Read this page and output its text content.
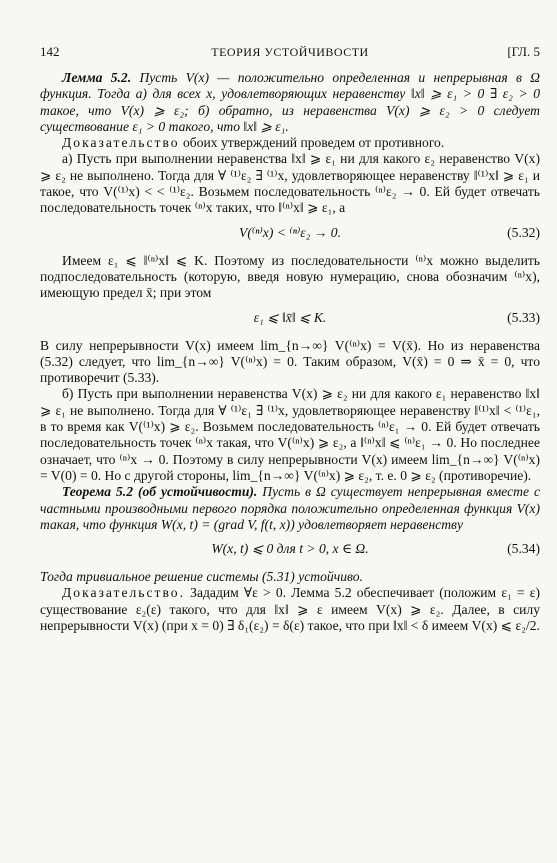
142	ТЕОРИЯ УСТОЙЧИВОСТИ	[ГЛ. 5

Лемма 5.2. Пусть V(x) — положительно определенная и непрерывная в Ω функция. Тогда а) для всех x, удовлетворяющих неравенству ‖x‖ ⩾ ε₁ > 0 ∃ ε₂ > 0 такое, что V(x) ⩾ ε₂; б) обратно, из неравенства V(x) ⩾ ε₂ > 0 следует существование ε₁ > 0 такого, что ‖x‖ ⩾ ε₁.

Доказательство обоих утверждений проведем от противного.

а) Пусть при выполнении неравенства ‖x‖ ⩾ ε₁ ни для какого ε₂ неравенство V(x) ⩾ ε₂ не выполнено. Тогда для ∀ ⁽¹⁾ε₂ ∃ ⁽¹⁾x, удовлетворяющее неравенству ‖⁽¹⁾x‖ ⩾ ε₁ и такое, что V(⁽¹⁾x) < < ⁽¹⁾ε₂. Возьмем последовательность ⁽ⁿ⁾ε₂ → 0. Ей будет отвечать последовательность точек ⁽ⁿ⁾x таких, что ‖⁽ⁿ⁾x‖ ⩾ ε₁, а

V(⁽ⁿ⁾x) < ⁽ⁿ⁾ε₂ → 0.	(5.32)

Имеем ε₁ ⩽ ‖⁽ⁿ⁾x‖ ⩽ K. Поэтому из последовательности ⁽ⁿ⁾x можно выделить подпоследовательность (которую, введя новую нумерацию, снова обозначим ⁽ⁿ⁾x), имеющую предел x̄; при этом

ε₁ ⩽ ‖x̄‖ ⩽ K.	(5.33)

В силу непрерывности V(x) имеем lim_{n→∞} V(⁽ⁿ⁾x) = V(x̄). Но из неравенства (5.32) следует, что lim_{n→∞} V(⁽ⁿ⁾x) = 0. Таким образом, V(x̄) = 0 ⇒ x̄ = 0, что противоречит (5.33).

б) Пусть при выполнении неравенства V(x) ⩾ ε₂ ни для какого ε₁ неравенство ‖x‖ ⩾ ε₁ не выполнено. Тогда для ∀ ⁽¹⁾ε₁ ∃ ⁽¹⁾x, удовлетворяющее неравенству ‖⁽¹⁾x‖ < ⁽¹⁾ε₁, в то время как V(⁽¹⁾x) ⩾ ε₂. Возьмем последовательность ⁽ⁿ⁾ε₁ → 0. Ей будет отвечать последовательность точек ⁽ⁿ⁾x такая, что V(⁽ⁿ⁾x) ⩾ ε₂, а ‖⁽ⁿ⁾x‖ ⩽ ⁽ⁿ⁾ε₁ → 0. Но последнее означает, что ⁽ⁿ⁾x → 0. Поэтому в силу непрерывности V(x) имеем lim_{n→∞} V(⁽ⁿ⁾x) = V(0) = 0. Но с другой стороны, lim_{n→∞} V(⁽ⁿ⁾x) ⩾ ε₂, т. е. 0 ⩾ ε₂ (противоречие).

Теорема 5.2 (об устойчивости). Пусть в Ω существует непрерывная вместе с частными производными первого порядка положительно определенная функция V(x) такая, что функция W(x, t) = (grad V, f(t, x)) удовлетворяет неравенству

W(x, t) ⩽ 0 для t > 0, x ∈ Ω.	(5.34)

Тогда тривиальное решение системы (5.31) устойчиво.

Доказательство. Зададим ∀ε > 0. Лемма 5.2 обеспечивает (положим ε₁ = ε) существование ε₂(ε) такого, что для ‖x‖ ⩾ ε имеем V(x) ⩾ ε₂. Далее, в силу непрерывности V(x) (при x = 0) ∃ δ₁(ε₂) = δ(ε) такое, что при ‖x‖ < δ имеем V(x) ⩽ ε₂/2.
